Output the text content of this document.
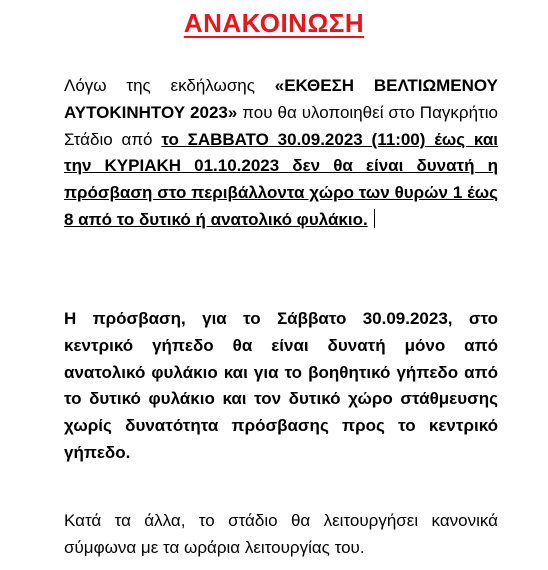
ΑΝΑΚΟΙΝΩΣΗ
Λόγω της εκδήλωσης «ΕΚΘΕΣΗ ΒΕΛΤΙΩΜΕΝΟΥ ΑΥΤΟΚΙΝΗΤΟΥ 2023» που θα υλοποιηθεί στο Παγκρήτιο Στάδιο από το ΣΑΒΒΑΤΟ 30.09.2023 (11:00) έως και την ΚΥΡΙΑΚΗ 01.10.2023 δεν θα είναι δυνατή η πρόσβαση στο περιβάλλοντα χώρο των θυρών 1 έως 8 από το δυτικό ή ανατολικό φυλάκιο.
Η πρόσβαση, για το Σάββατο 30.09.2023, στο κεντρικό γήπεδο θα είναι δυνατή μόνο από ανατολικό φυλάκιο και για το βοηθητικό γήπεδο από το δυτικό φυλάκιο και τον δυτικό χώρο στάθμευσης χωρίς δυνατότητα πρόσβασης προς το κεντρικό γήπεδο.
Κατά τα άλλα, το στάδιο θα λειτουργήσει κανονικά σύμφωνα με τα ωράρια λειτουργίας του.
